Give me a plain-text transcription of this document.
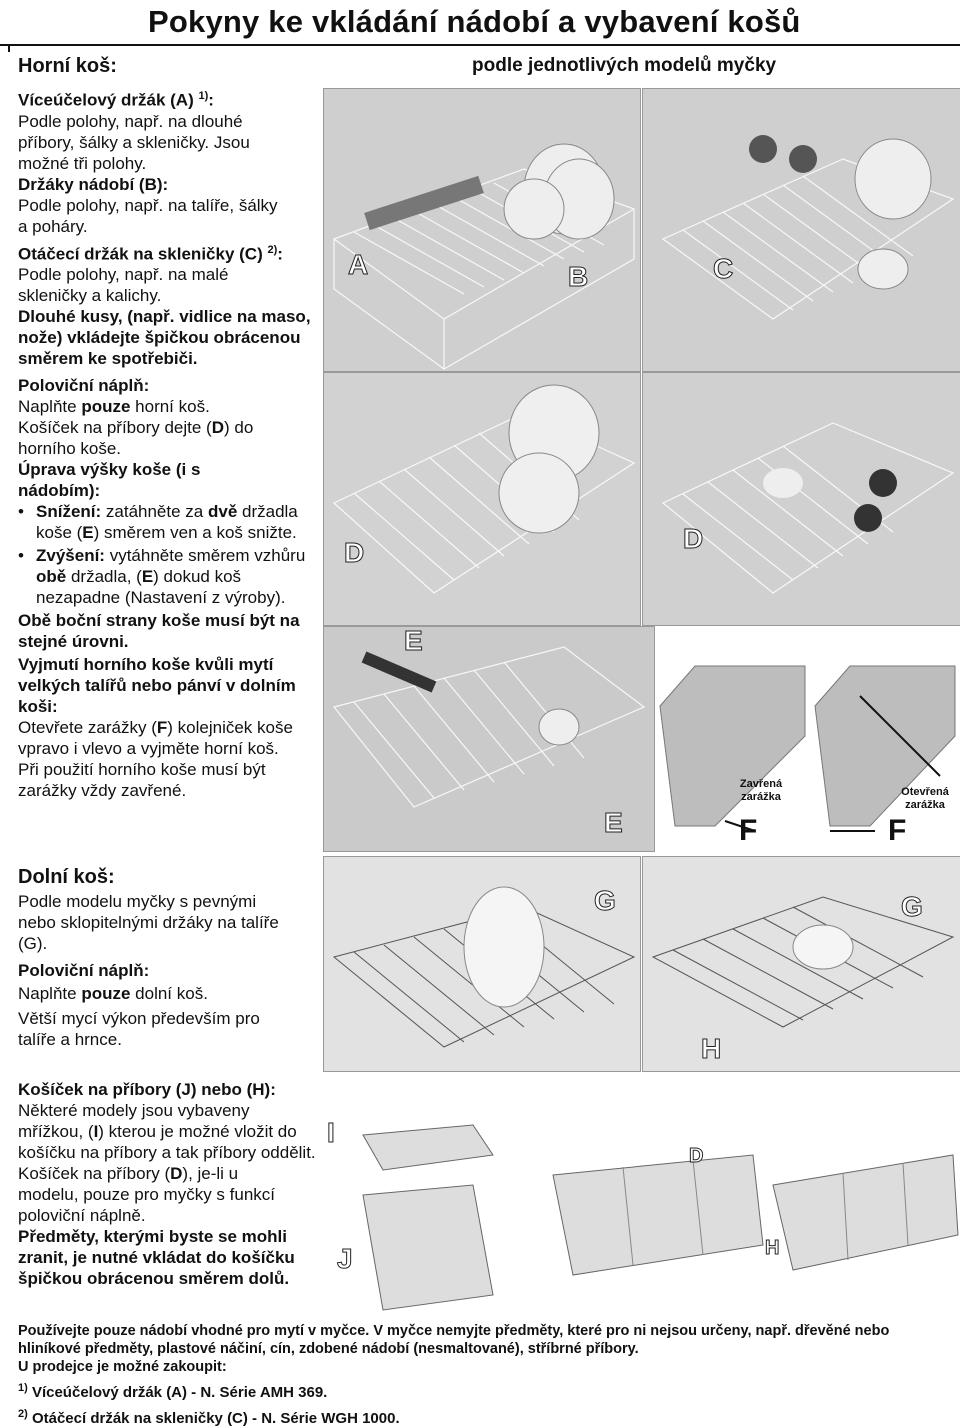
Pokyny ke vkládání nádobí a vybavení košů
podle jednotlivých modelů myčky
Horní koš:
Víceúčelový držák (A) $^{1)}$:
Podle polohy, např. na dlouhé příbory, šálky a skleničky. Jsou možné tři polohy.
Držáky nádobí (B):
Podle polohy, např. na talíře, šálky a poháry.
Otáčecí držák na skleničky (C) $^{2)}$:
Podle polohy, např. na malé skleničky a kalichy.
Dlouhé kusy, (např. vidlice na maso, nože) vkládejte špičkou obrácenou směrem ke spotřebiči.
Poloviční náplň:
Naplňte pouze horní koš.
Košíček na příbory dejte (D) do horního koše.
Úprava výšky koše (i s nádobím):
• Snížení: zatáhněte za dvě držadla koše (E) směrem ven a koš snižte.
• Zvýšení: vytáhněte směrem vzhůru obě držadla, (E) dokud koš nezapadne (Nastavení z výroby).
Obě boční strany koše musí být na stejné úrovni.
Vyjmutí horního koše kvůli mytí velkých talířů nebo pánví v dolním koši:
Otevřete zarážky (F) kolejniček koše vpravo i vlevo a vyjměte horní koš.
Při použití horního koše musí být zarážky vždy zavřené.
Dolní koš:
Podle modelu myčky s pevnými nebo sklopitelnými držáky na talíře (G).
Poloviční náplň:
Naplňte pouze dolní koš.
Větší mycí výkon především pro talíře a hrnce.
Košíček na příbory (J) nebo (H):
Některé modely jsou vybaveny mřížkou, (I) kterou je možné vložit do košíčku na příbory a tak příbory oddělit.
Košíček na příbory (D), je-li u modelu, pouze pro myčky s funkcí poloviční náplně.
Předměty, kterými byste se mohli zranit, je nutné vkládat do košíčku špičkou obrácenou směrem dolů.
Používejte pouze nádobí vhodné pro mytí v myčce. V myčce nemyjte předměty, které pro ni nejsou určeny, např. dřevěné nebo hliníkové předměty, plastové náčiní, cín, zdobené nádobí (nesmaltované), stříbrné příbory.
U prodejce je možné zakoupit:
$^{1)}$ Víceúčelový držák (A) - N. Série AMH 369.
$^{2)}$ Otáčecí držák na skleničky (C) - N. Série WGH 1000.
A	B	C
D	D
E
E
Zavřená zarážka	Otevřená zarážka
F	F
G	G
H
I
J
D
H
